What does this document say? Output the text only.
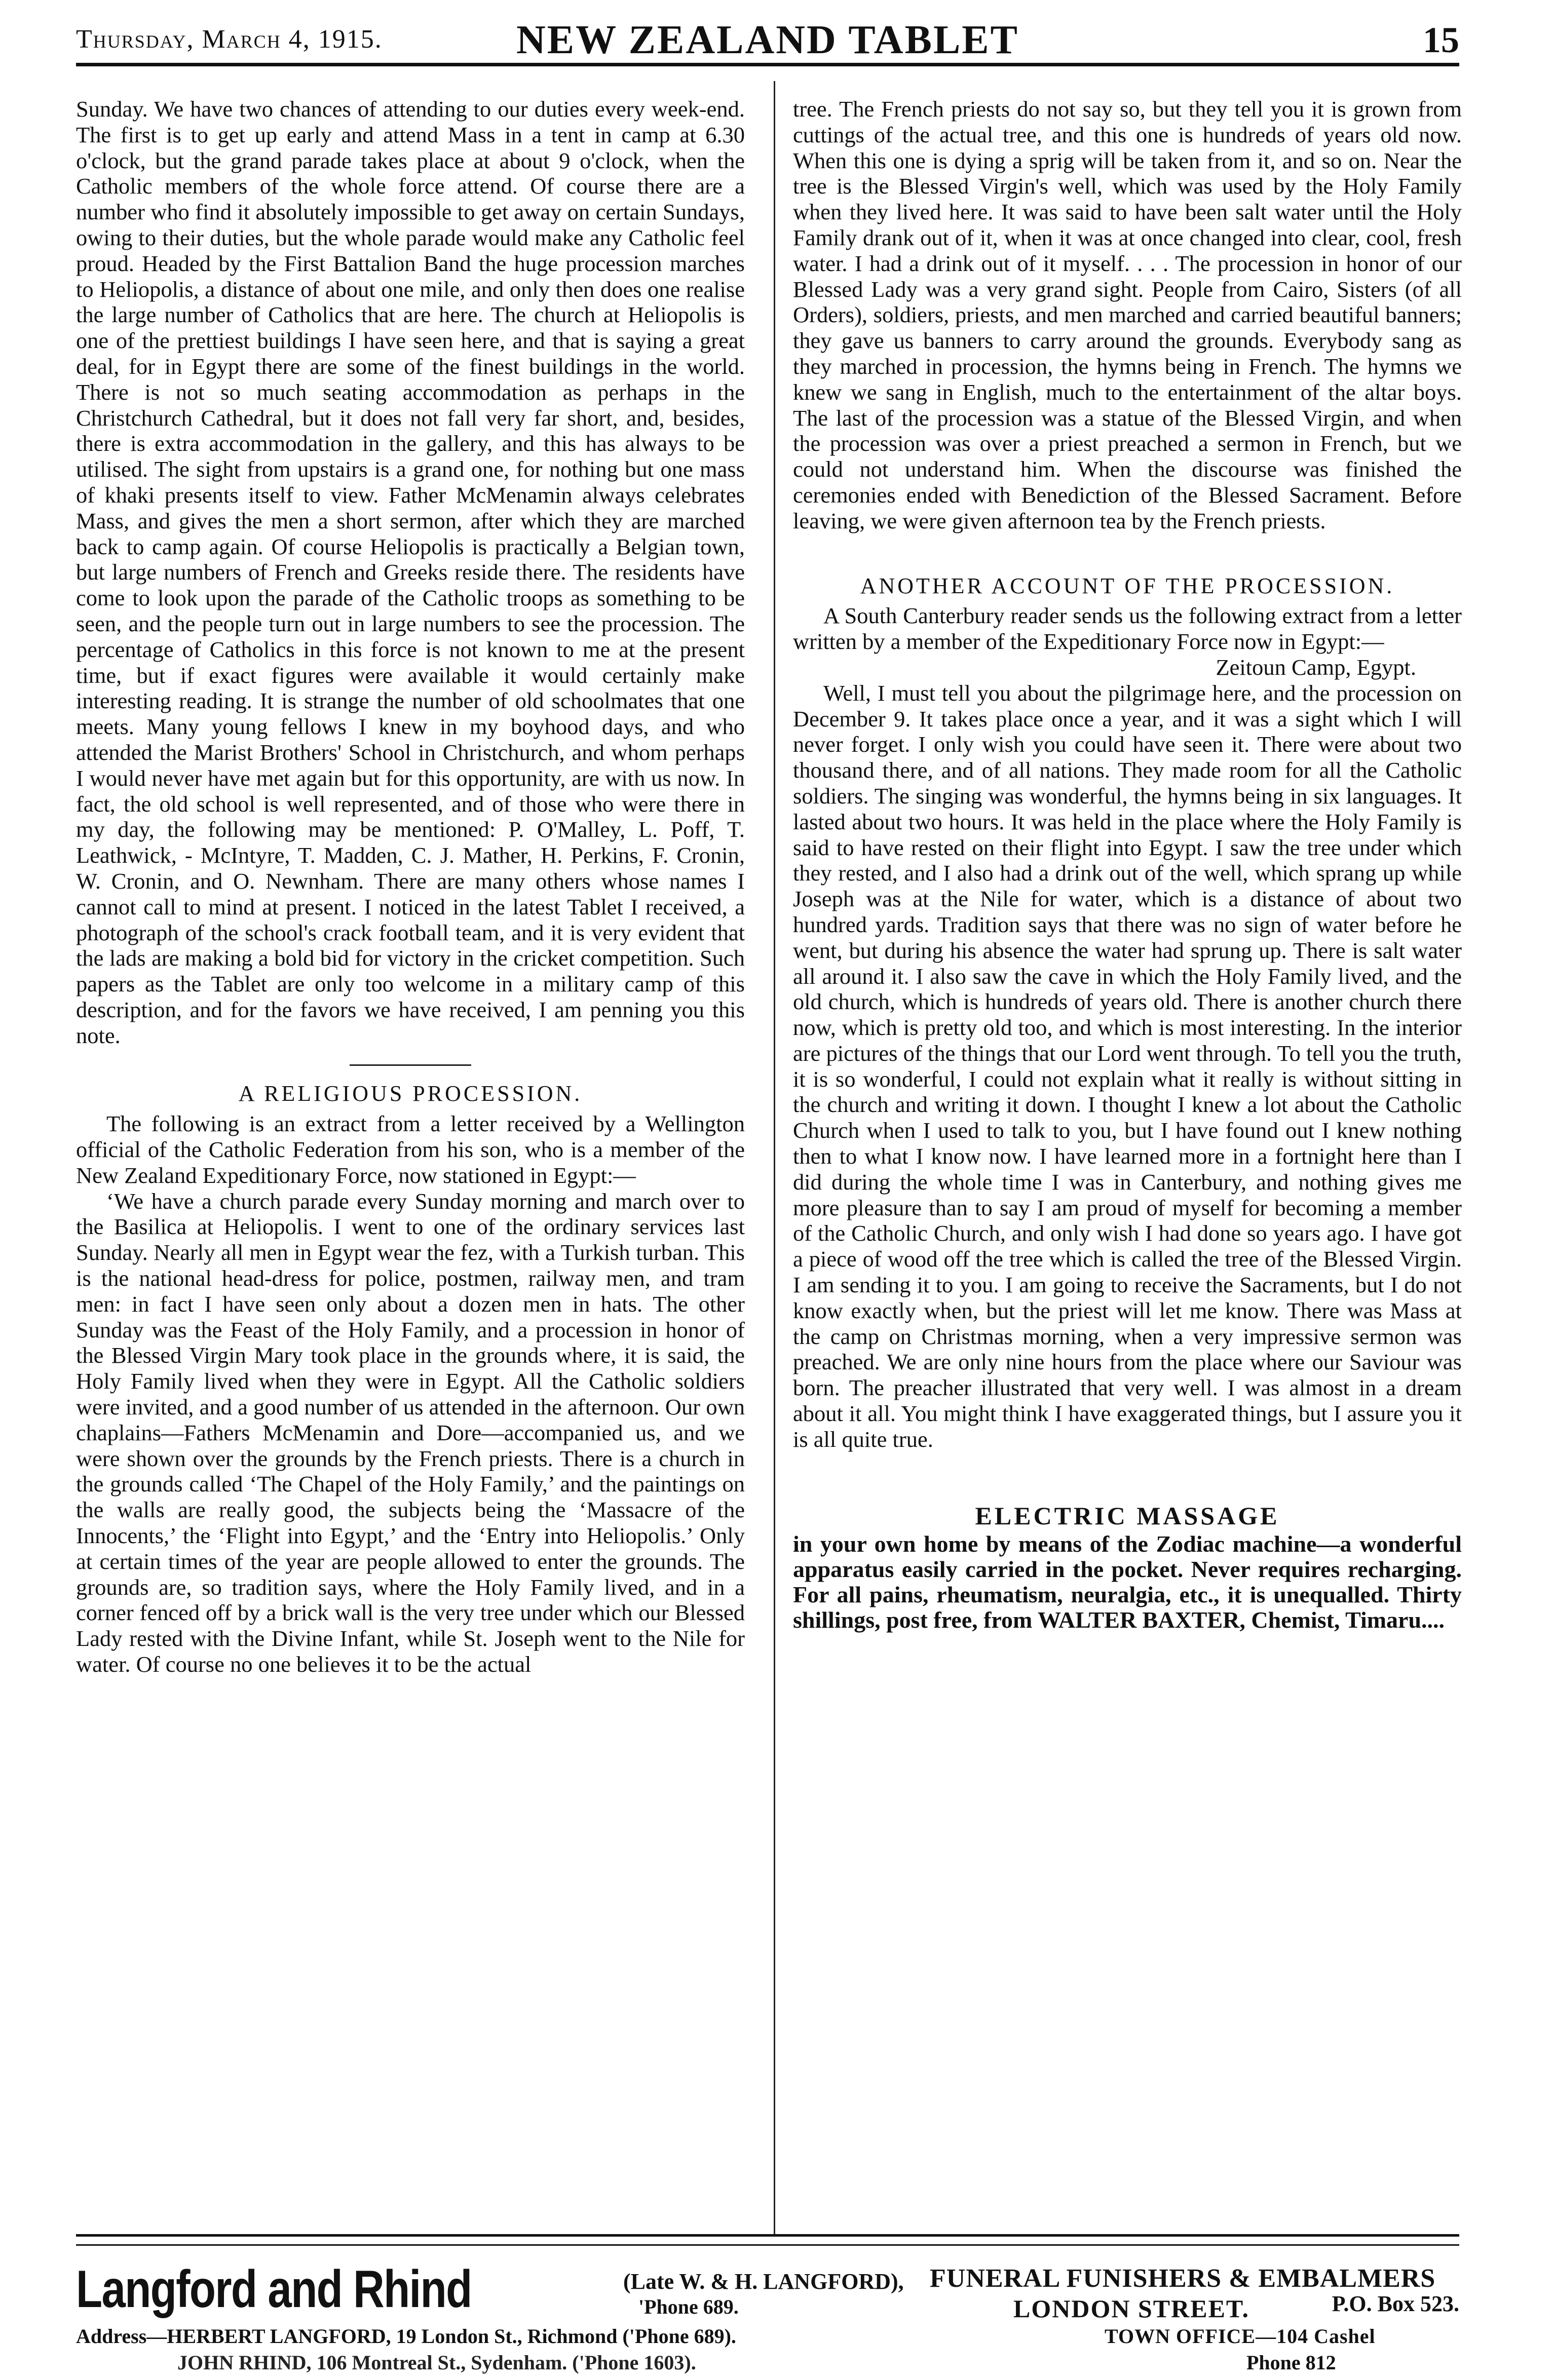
Thursday, March 4, 1915.	NEW ZEALAND TABLET	15

Sunday. We have two chances of attending to our duties every week-end. The first is to get up early and attend Mass in a tent in camp at 6.30 o'clock, but the grand parade takes place at about 9 o'clock, when the Catholic members of the whole force attend. Of course there are a number who find it absolutely impossible to get away on certain Sundays, owing to their duties, but the whole parade would make any Catholic feel proud. Headed by the First Battalion Band the huge procession marches to Heliopolis, a distance of about one mile, and only then does one realise the large number of Catholics that are here. The church at Heliopolis is one of the prettiest buildings I have seen here, and that is saying a great deal, for in Egypt there are some of the finest buildings in the world. There is not so much seating accommodation as perhaps in the Christchurch Cathedral, but it does not fall very far short, and, besides, there is extra accommodation in the gallery, and this has always to be utilised. The sight from upstairs is a grand one, for nothing but one mass of khaki presents itself to view. Father McMenamin always celebrates Mass, and gives the men a short sermon, after which they are marched back to camp again. Of course Heliopolis is practically a Belgian town, but large numbers of French and Greeks reside there. The residents have come to look upon the parade of the Catholic troops as something to be seen, and the people turn out in large numbers to see the procession. The percentage of Catholics in this force is not known to me at the present time, but if exact figures were available it would certainly make interesting reading. It is strange the number of old schoolmates that one meets. Many young fellows I knew in my boyhood days, and who attended the Marist Brothers' School in Christchurch, and whom perhaps I would never have met again but for this opportunity, are with us now. In fact, the old school is well represented, and of those who were there in my day, the following may be mentioned: P. O'Malley, L. Poff, T. Leathwick, - McIntyre, T. Madden, C. J. Mather, H. Perkins, F. Cronin, W. Cronin, and O. Newnham. There are many others whose names I cannot call to mind at present. I noticed in the latest Tablet I received, a photograph of the school's crack football team, and it is very evident that the lads are making a bold bid for victory in the cricket competition. Such papers as the Tablet are only too welcome in a military camp of this description, and for the favors we have received, I am penning you this note.

A RELIGIOUS PROCESSION.

The following is an extract from a letter received by a Wellington official of the Catholic Federation from his son, who is a member of the New Zealand Expeditionary Force, now stationed in Egypt:—

‘We have a church parade every Sunday morning and march over to the Basilica at Heliopolis. I went to one of the ordinary services last Sunday. Nearly all men in Egypt wear the fez, with a Turkish turban. This is the national head-dress for police, postmen, railway men, and tram men: in fact I have seen only about a dozen men in hats. The other Sunday was the Feast of the Holy Family, and a procession in honor of the Blessed Virgin Mary took place in the grounds where, it is said, the Holy Family lived when they were in Egypt. All the Catholic soldiers were invited, and a good number of us attended in the afternoon. Our own chaplains—Fathers McMenamin and Dore—accompanied us, and we were shown over the grounds by the French priests. There is a church in the grounds called ‘The Chapel of the Holy Family,’ and the paintings on the walls are really good, the subjects being the ‘Massacre of the Innocents,’ the ‘Flight into Egypt,’ and the ‘Entry into Heliopolis.’ Only at certain times of the year are people allowed to enter the grounds. The grounds are, so tradition says, where the Holy Family lived, and in a corner fenced off by a brick wall is the very tree under which our Blessed Lady rested with the Divine Infant, while St. Joseph went to the Nile for water. Of course no one believes it to be the actual

tree. The French priests do not say so, but they tell you it is grown from cuttings of the actual tree, and this one is hundreds of years old now. When this one is dying a sprig will be taken from it, and so on. Near the tree is the Blessed Virgin's well, which was used by the Holy Family when they lived here. It was said to have been salt water until the Holy Family drank out of it, when it was at once changed into clear, cool, fresh water. I had a drink out of it myself. . . . The procession in honor of our Blessed Lady was a very grand sight. People from Cairo, Sisters (of all Orders), soldiers, priests, and men marched and carried beautiful banners; they gave us banners to carry around the grounds. Everybody sang as they marched in procession, the hymns being in French. The hymns we knew we sang in English, much to the entertainment of the altar boys. The last of the procession was a statue of the Blessed Virgin, and when the procession was over a priest preached a sermon in French, but we could not understand him. When the discourse was finished the ceremonies ended with Benediction of the Blessed Sacrament. Before leaving, we were given afternoon tea by the French priests.

ANOTHER ACCOUNT OF THE PROCESSION.

A South Canterbury reader sends us the following extract from a letter written by a member of the Expeditionary Force now in Egypt:—

Zeitoun Camp, Egypt.

Well, I must tell you about the pilgrimage here, and the procession on December 9. It takes place once a year, and it was a sight which I will never forget. I only wish you could have seen it. There were about two thousand there, and of all nations. They made room for all the Catholic soldiers. The singing was wonderful, the hymns being in six languages. It lasted about two hours. It was held in the place where the Holy Family is said to have rested on their flight into Egypt. I saw the tree under which they rested, and I also had a drink out of the well, which sprang up while Joseph was at the Nile for water, which is a distance of about two hundred yards. Tradition says that there was no sign of water before he went, but during his absence the water had sprung up. There is salt water all around it. I also saw the cave in which the Holy Family lived, and the old church, which is hundreds of years old. There is another church there now, which is pretty old too, and which is most interesting. In the interior are pictures of the things that our Lord went through. To tell you the truth, it is so wonderful, I could not explain what it really is without sitting in the church and writing it down. I thought I knew a lot about the Catholic Church when I used to talk to you, but I have found out I knew nothing then to what I know now. I have learned more in a fortnight here than I did during the whole time I was in Canterbury, and nothing gives me more pleasure than to say I am proud of myself for becoming a member of the Catholic Church, and only wish I had done so years ago. I have got a piece of wood off the tree which is called the tree of the Blessed Virgin. I am sending it to you. I am going to receive the Sacraments, but I do not know exactly when, but the priest will let me know. There was Mass at the camp on Christmas morning, when a very impressive sermon was preached. We are only nine hours from the place where our Saviour was born. The preacher illustrated that very well. I was almost in a dream about it all. You might think I have exaggerated things, but I assure you it is all quite true.

ELECTRIC MASSAGE
in your own home by means of the Zodiac machine—a wonderful apparatus easily carried in the pocket. Never requires recharging. For all pains, rheumatism, neuralgia, etc., it is unequalled. Thirty shillings, post free, from WALTER BAXTER, Chemist, Timaru....
Langford and Rhind	(Late W. & H. LANGFORD),
'Phone 689.
FUNERAL FUNISHERS & EMBALMERS
LONDON STREET.	P.O. Box 523.
Address—HERBERT LANGFORD, 19 London St., Richmond ('Phone 689).	TOWN OFFICE—104 Cashel
JOHN RHIND, 106 Montreal St., Sydenham. ('Phone 1603).	Phone 812
